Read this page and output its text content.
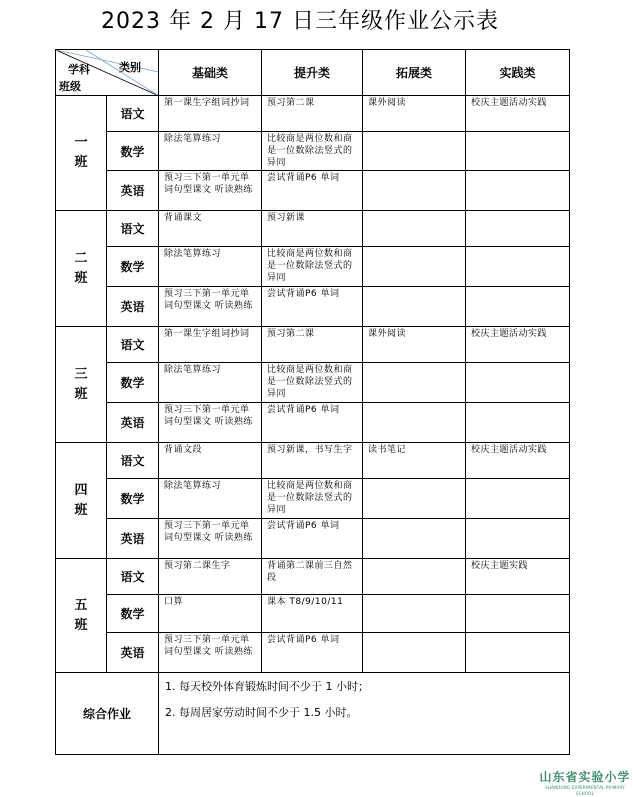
2023 年 2 月 17 日三年级作业公示表
学科 类别
班级		基础类	提升类	拓展类	实践类
一
班	语文	第一课生字组词抄词	预习第二课	课外阅读	校庆主题活动实践
	数学	除法笔算练习	比较商是两位数和商是一位数除法竖式的异同		
	英语	预习三下第一单元单词句型课文 听读熟练	尝试背诵P6 单词		
二
班	语文	背诵课文	预习新课		
	数学	除法笔算练习	比较商是两位数和商是一位数除法竖式的异同		
	英语	预习三下第一单元单词句型课文 听读熟练	尝试背诵P6 单词		
三
班	语文	第一课生字组词抄词	预习第二课	课外阅读	校庆主题活动实践
	数学	除法笔算练习	比较商是两位数和商是一位数除法竖式的异同		
	英语	预习三下第一单元单词句型课文 听读熟练	尝试背诵P6 单词		
四
班	语文	背诵文段	预习新课，书写生字	读书笔记	校庆主题活动实践
	数学	除法笔算练习	比较商是两位数和商是一位数除法竖式的异同		
	英语	预习三下第一单元单词句型课文 听读熟练	尝试背诵P6 单词		
五
班	语文	预习第二课生字	背诵第二课前三自然段		校庆主题实践
	数学	口算	课本 T8/9/10/11		
	英语	预习三下第一单元单词句型课文 听读熟练	尝试背诵P6 单词		
综合作业		1. 每天校外体育锻炼时间不少于 1 小时；
2. 每周居家劳动时间不少于 1.5 小时。			
山东省实验小学
SHANDONG EXPERIMENTAL PRIMARY SCHOOL
